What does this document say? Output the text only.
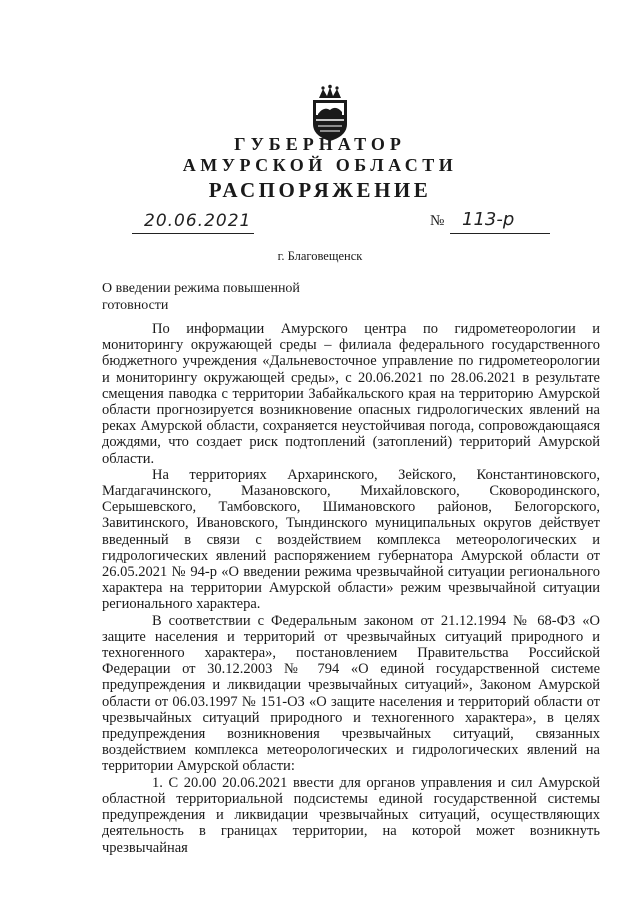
ГУБЕРНАТОР
АМУРСКОЙ ОБЛАСТИ
РАСПОРЯЖЕНИЕ
20.06.2021	№ 113-р
г. Благовещенск
О введении режима повышенной готовности

По информации Амурского центра по гидрометеорологии и мониторингу окружающей среды – филиала федерального государственного бюджетного учреждения «Дальневосточное управление по гидрометеорологии и мониторингу окружающей среды», с 20.06.2021 по 28.06.2021 в результате смещения паводка с территории Забайкальского края на территорию Амурской области прогнозируется возникновение опасных гидрологических явлений на реках Амурской области, сохраняется неустойчивая погода, сопровождающаяся дождями, что создает риск подтоплений (затоплений) территорий Амурской области.

На территориях Архаринского, Зейского, Константиновского, Магдагачинского, Мазановского, Михайловского, Сковородинского, Серышевского, Тамбовского, Шимановского районов, Белогорского, Завитинского, Ивановского, Тындинского муниципальных округов действует введенный в связи с воздействием комплекса метеорологических и гидрологических явлений распоряжением губернатора Амурской области от 26.05.2021 № 94-р «О введении режима чрезвычайной ситуации регионального характера на территории Амурской области» режим чрезвычайной ситуации регионального характера.

В соответствии с Федеральным законом от 21.12.1994 № 68-ФЗ «О защите населения и территорий от чрезвычайных ситуаций природного и техногенного характера», постановлением Правительства Российской Федерации от 30.12.2003 № 794 «О единой государственной системе предупреждения и ликвидации чрезвычайных ситуаций», Законом Амурской области от 06.03.1997 № 151-ОЗ «О защите населения и территорий области от чрезвычайных ситуаций природного и техногенного характера», в целях предупреждения возникновения чрезвычайных ситуаций, связанных воздействием комплекса метеорологических и гидрологических явлений на территории Амурской области:

1. С 20.00 20.06.2021 ввести для органов управления и сил Амурской областной территориальной подсистемы единой государственной системы предупреждения и ликвидации чрезвычайных ситуаций, осуществляющих деятельность в границах территории, на которой может возникнуть чрезвычайная
